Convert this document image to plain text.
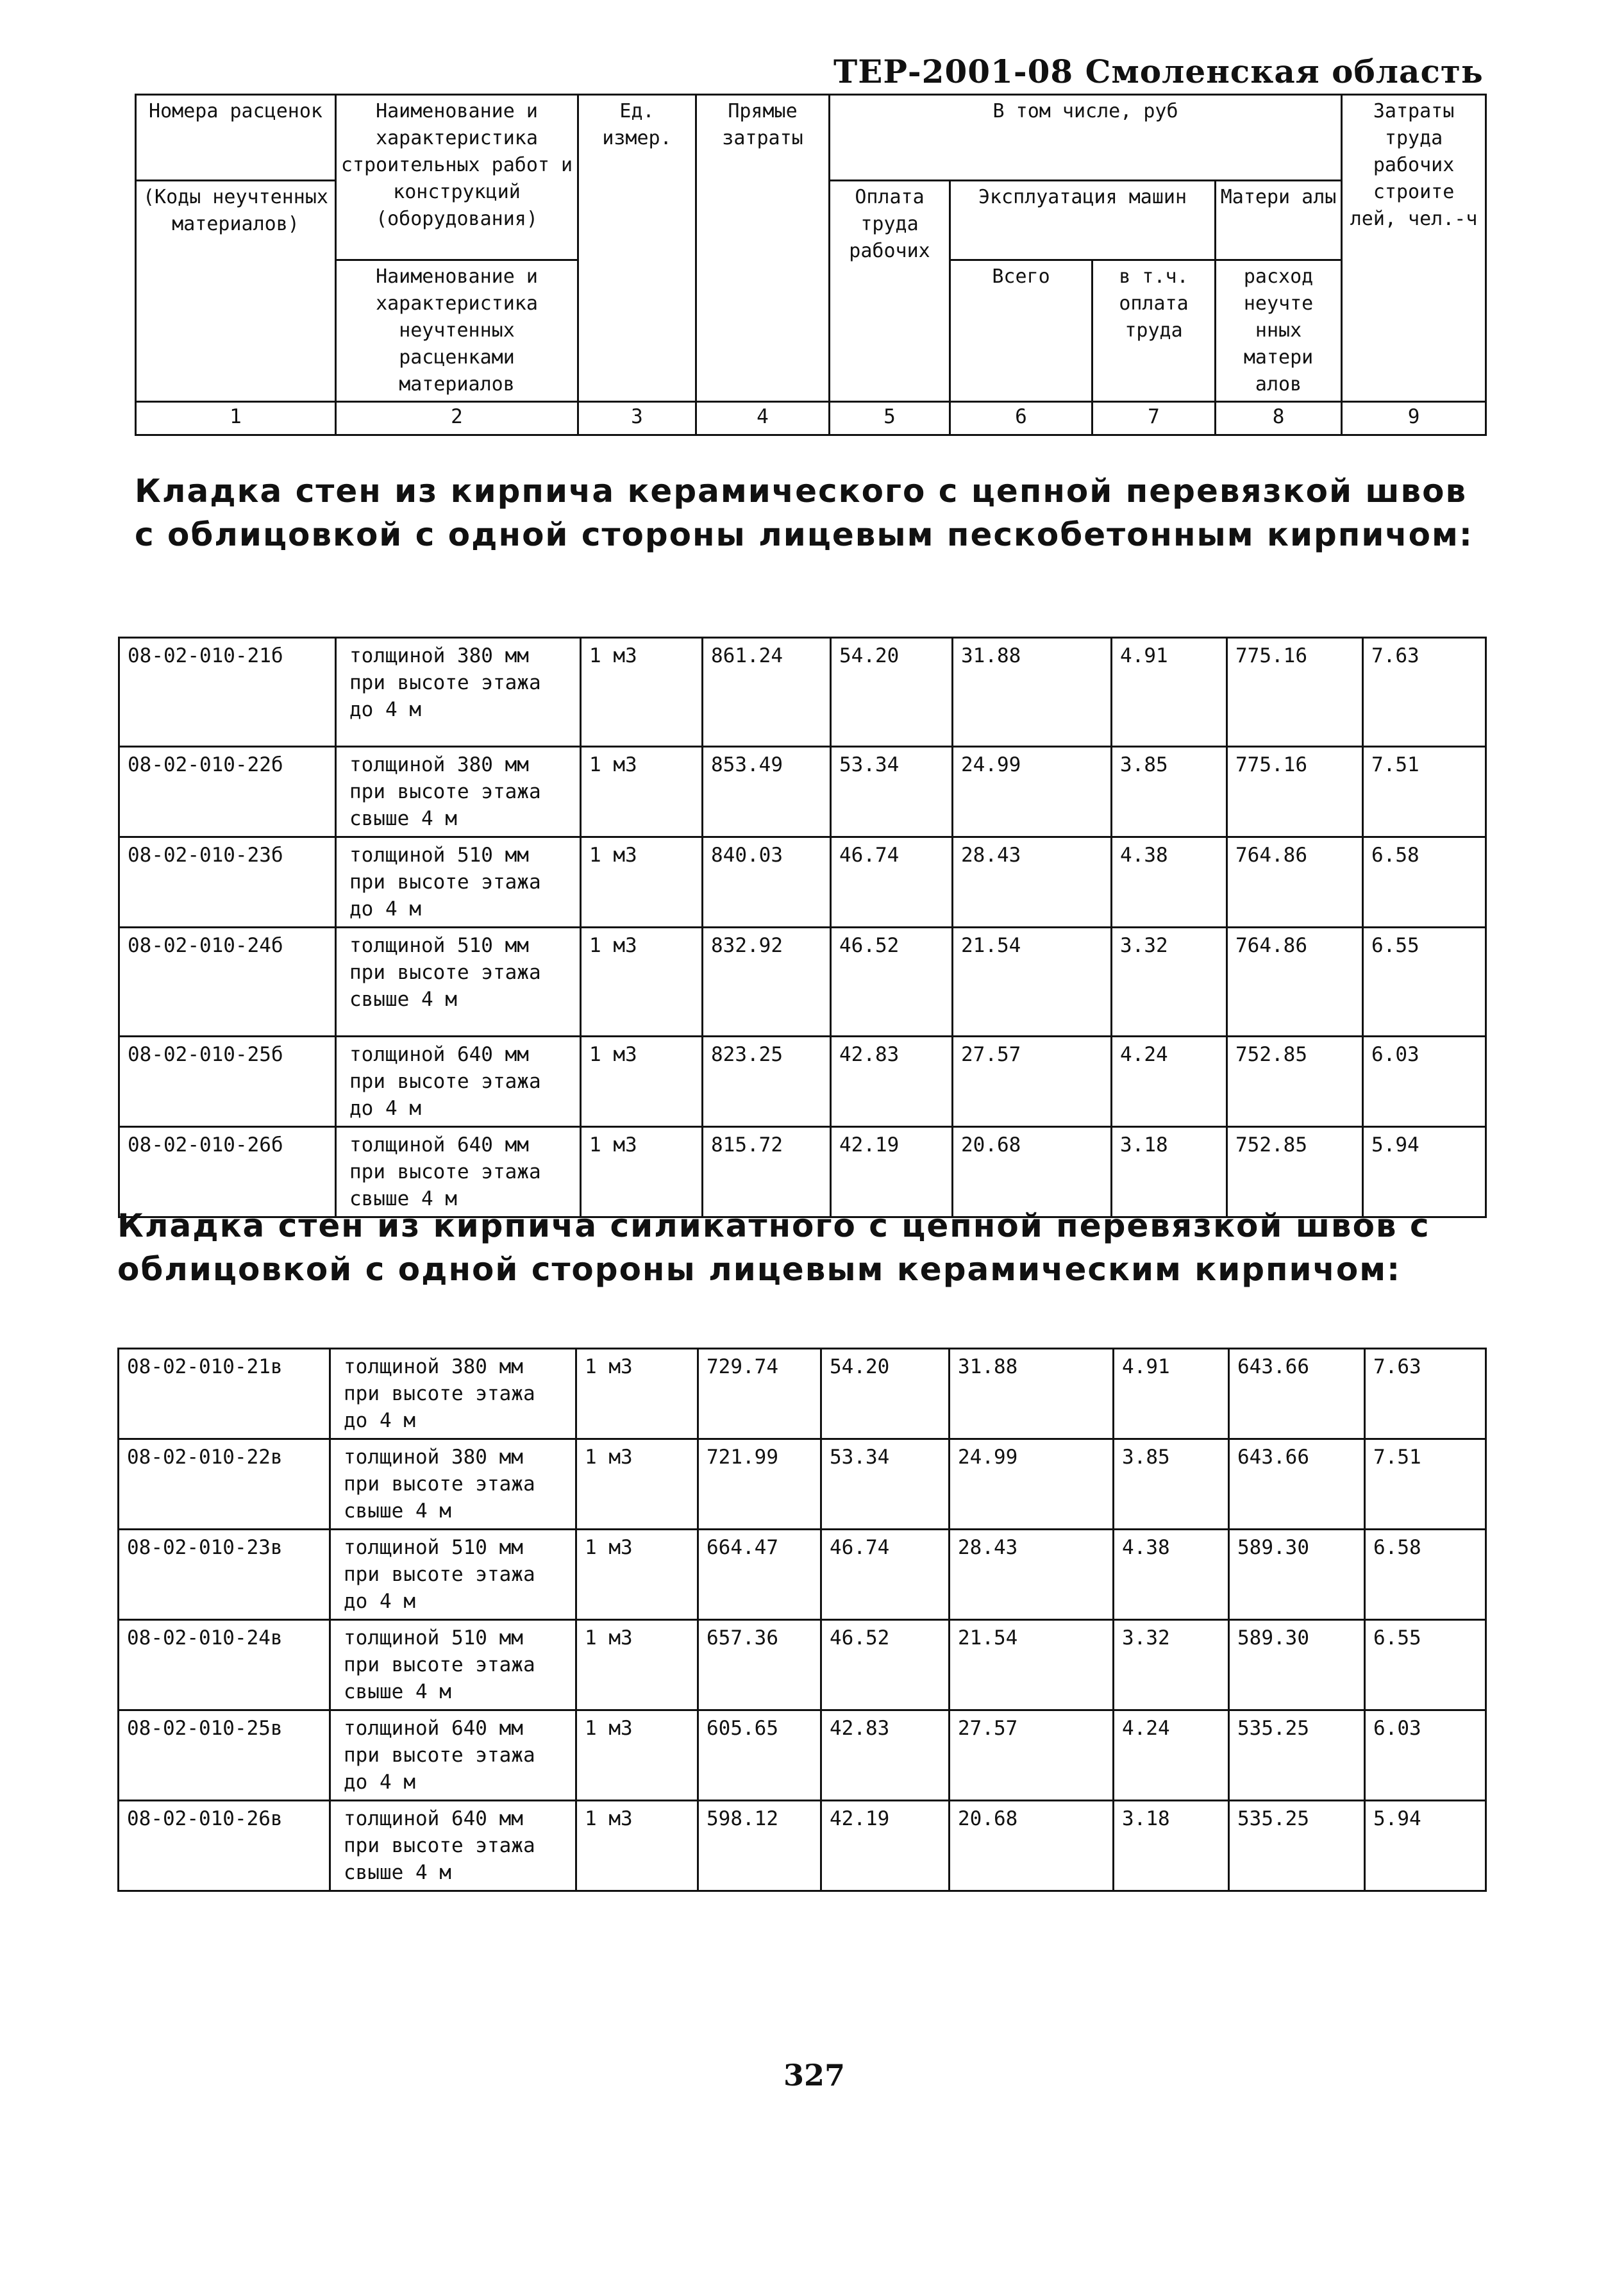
ТЕР-2001-08 Смоленская область
Номера расценок	Наименование и характеристика строительных работ и конструкций (оборудования)	Ед. измер.	Прямые затраты	В том числе, руб				Затраты труда рабочих строите лей, чел.-ч
(Коды неучтенных материалов)				Оплата труда рабочих	Эксплуатация машин		Матери алы	
	Наименование и характеристика неучтенных расценками материалов				Всего	в т.ч. оплата труда	расход неучте нных матери алов	
1	2	3	4	5	6	7	8	9

Кладка стен из кирпича керамического с цепной перевязкой швов с облицовкой с одной стороны лицевым пескобетонным кирпичом:

08-02-010-21б	толщиной 380 мм при высоте этажа до 4 м	1 м3	861.24	54.20	31.88	4.91	775.16	7.63
08-02-010-22б	толщиной 380 мм при высоте этажа свыше 4 м	1 м3	853.49	53.34	24.99	3.85	775.16	7.51
08-02-010-23б	толщиной 510 мм при высоте этажа до 4 м	1 м3	840.03	46.74	28.43	4.38	764.86	6.58
08-02-010-24б	толщиной 510 мм при высоте этажа свыше 4 м	1 м3	832.92	46.52	21.54	3.32	764.86	6.55
08-02-010-25б	толщиной 640 мм при высоте этажа до 4 м	1 м3	823.25	42.83	27.57	4.24	752.85	6.03
08-02-010-26б	толщиной 640 мм при высоте этажа свыше 4 м	1 м3	815.72	42.19	20.68	3.18	752.85	5.94

Кладка стен из кирпича силикатного с цепной перевязкой швов с облицовкой с одной стороны лицевым керамическим кирпичом:

08-02-010-21в	толщиной 380 мм при высоте этажа до 4 м	1 м3	729.74	54.20	31.88	4.91	643.66	7.63
08-02-010-22в	толщиной 380 мм при высоте этажа свыше 4 м	1 м3	721.99	53.34	24.99	3.85	643.66	7.51
08-02-010-23в	толщиной 510 мм при высоте этажа до 4 м	1 м3	664.47	46.74	28.43	4.38	589.30	6.58
08-02-010-24в	толщиной 510 мм при высоте этажа свыше 4 м	1 м3	657.36	46.52	21.54	3.32	589.30	6.55
08-02-010-25в	толщиной 640 мм при высоте этажа до 4 м	1 м3	605.65	42.83	27.57	4.24	535.25	6.03
08-02-010-26в	толщиной 640 мм при высоте этажа свыше 4 м	1 м3	598.12	42.19	20.68	3.18	535.25	5.94
327
